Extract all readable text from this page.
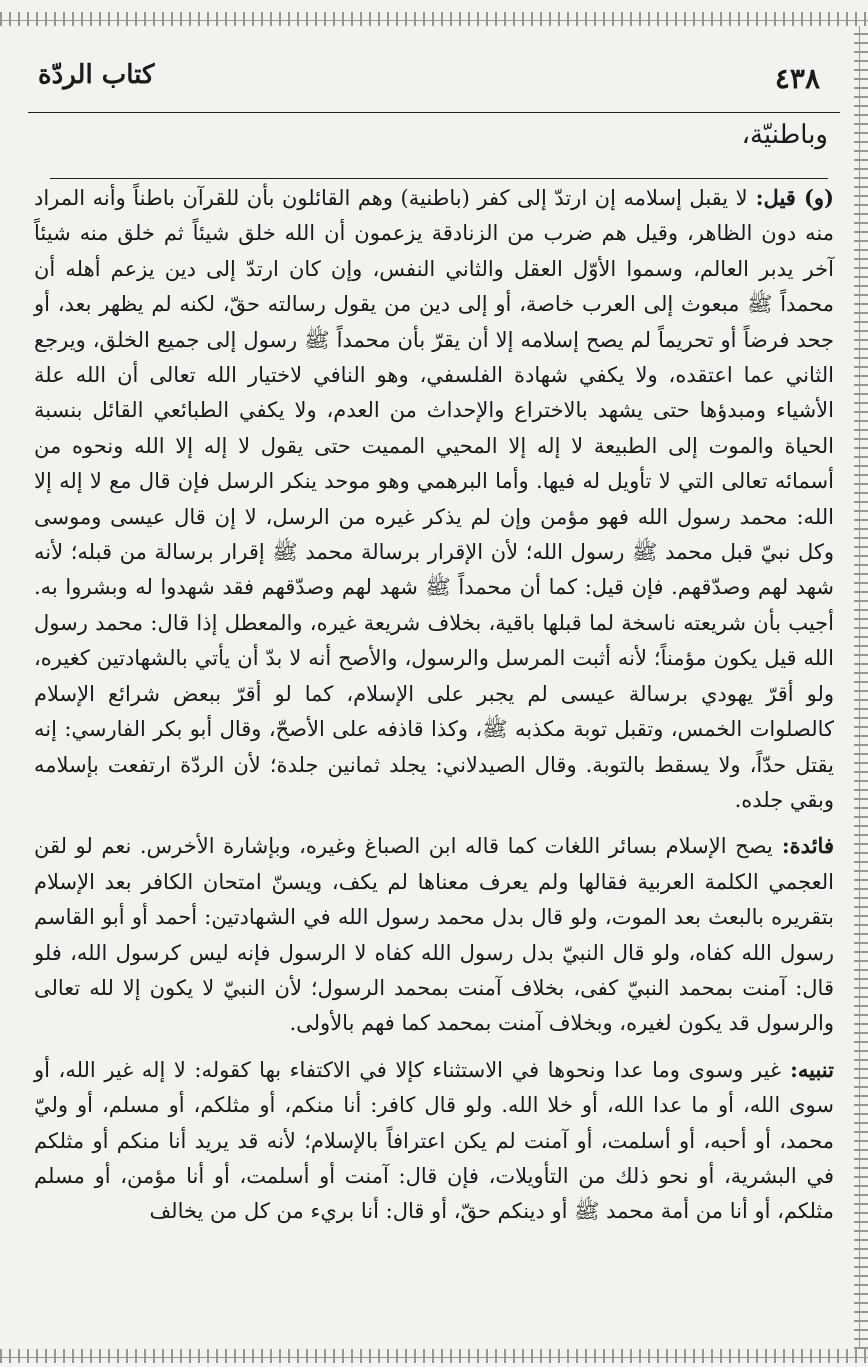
٤٣٨
كتاب الردّة
وباطنيّة،

(و) قيل: لا يقبل إسلامه إن ارتدّ إلى كفر (باطنية) وهم القائلون بأن للقرآن باطناً وأنه المراد منه دون الظاهر، وقيل هم ضرب من الزنادقة يزعمون أن الله خلق شيئاً ثم خلق منه شيئاً آخر يدبر العالم، وسموا الأوّل العقل والثاني النفس، وإن كان ارتدّ إلى دين يزعم أهله أن محمداً ﷺ مبعوث إلى العرب خاصة، أو إلى دين من يقول رسالته حقّ، لكنه لم يظهر بعد، أو جحد فرضاً أو تحريماً لم يصح إسلامه إلا أن يقرّ بأن محمداً ﷺ رسول إلى جميع الخلق، ويرجع الثاني عما اعتقده، ولا يكفي شهادة الفلسفي، وهو النافي لاختيار الله تعالى أن الله علة الأشياء ومبدؤها حتى يشهد بالاختراع والإحداث من العدم، ولا يكفي الطبائعي القائل بنسبة الحياة والموت إلى الطبيعة لا إله إلا المحيي المميت حتى يقول لا إله إلا الله ونحوه من أسمائه تعالى التي لا تأويل له فيها. وأما البرهمي وهو موحد ينكر الرسل فإن قال مع لا إله إلا الله: محمد رسول الله فهو مؤمن وإن لم يذكر غيره من الرسل، لا إن قال عيسى وموسى وكل نبيّ قبل محمد ﷺ رسول الله؛ لأن الإقرار برسالة محمد ﷺ إقرار برسالة من قبله؛ لأنه شهد لهم وصدّقهم. فإن قيل: كما أن محمداً ﷺ شهد لهم وصدّقهم فقد شهدوا له وبشروا به. أجيب بأن شريعته ناسخة لما قبلها باقية، بخلاف شريعة غيره، والمعطل إذا قال: محمد رسول الله قيل يكون مؤمناً؛ لأنه أثبت المرسل والرسول، والأصح أنه لا بدّ أن يأتي بالشهادتين كغيره، ولو أقرّ يهودي برسالة عيسى لم يجبر على الإسلام، كما لو أقرّ ببعض شرائع الإسلام كالصلوات الخمس، وتقبل توبة مكذبه ﷺ، وكذا قاذفه على الأصحّ، وقال أبو بكر الفارسي: إنه يقتل حدّاً، ولا يسقط بالتوبة. وقال الصيدلاني: يجلد ثمانين جلدة؛ لأن الردّة ارتفعت بإسلامه وبقي جلده.

فائدة: يصح الإسلام بسائر اللغات كما قاله ابن الصباغ وغيره، وبإشارة الأخرس. نعم لو لقن العجمي الكلمة العربية فقالها ولم يعرف معناها لم يكف، ويسنّ امتحان الكافر بعد الإسلام بتقريره بالبعث بعد الموت، ولو قال بدل محمد رسول الله في الشهادتين: أحمد أو أبو القاسم رسول الله كفاه، ولو قال النبيّ بدل رسول الله كفاه لا الرسول فإنه ليس كرسول الله، فلو قال: آمنت بمحمد النبيّ كفى، بخلاف آمنت بمحمد الرسول؛ لأن النبيّ لا يكون إلا لله تعالى والرسول قد يكون لغيره، وبخلاف آمنت بمحمد كما فهم بالأولى.

تنبيه: غير وسوى وما عدا ونحوها في الاستثناء كإلا في الاكتفاء بها كقوله: لا إله غير الله، أو سوى الله، أو ما عدا الله، أو خلا الله. ولو قال كافر: أنا منكم، أو مثلكم، أو مسلم، أو وليّ محمد، أو أحبه، أو أسلمت، أو آمنت لم يكن اعترافاً بالإسلام؛ لأنه قد يريد أنا منكم أو مثلكم في البشرية، أو نحو ذلك من التأويلات، فإن قال: آمنت أو أسلمت، أو أنا مؤمن، أو مسلم مثلكم، أو أنا من أمة محمد ﷺ أو دينكم حقّ، أو قال: أنا بريء من كل من يخالف
